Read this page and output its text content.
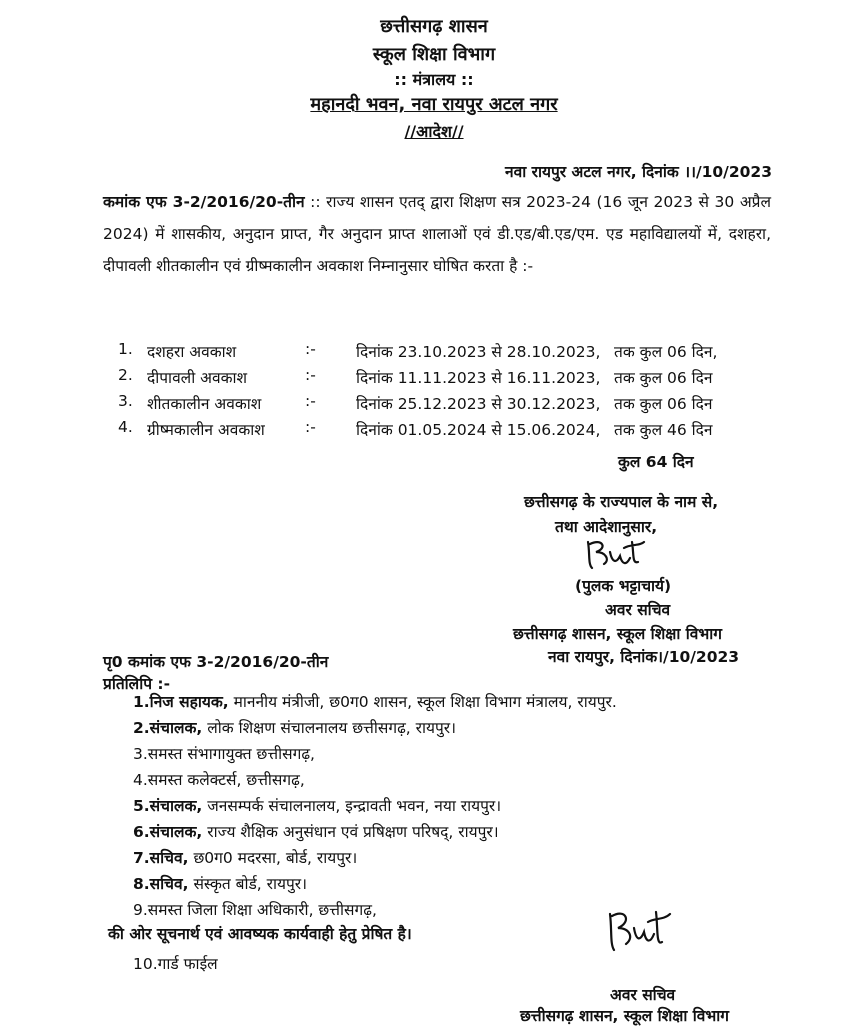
छत्तीसगढ़ शासन
स्कूल शिक्षा विभाग
:: मंत्रालय ::
महानदी भवन, नवा रायपुर अटल नगर
//आदेश//
नवा रायपुर अटल नगर, दिनांक ।।/10/2023
कमांक एफ 3-2/2016/20-तीन :: राज्य शासन एतद् द्वारा शिक्षण सत्र 2023-24 (16 जून 2023 से 30 अप्रैल 2024) में शासकीय, अनुदान प्राप्त, गैर अनुदान प्राप्त शालाओं एवं डी.एड/बी.एड/एम. एड महाविद्यालयों में, दशहरा, दीपावली शीतकालीन एवं ग्रीष्मकालीन अवकाश निम्नानुसार घोषित करता है :-
1. दशहरा अवकाश	:-	दिनांक 23.10.2023 से 28.10.2023, तक कुल 06 दिन,
2. दीपावली अवकाश	:-	दिनांक 11.11.2023 से 16.11.2023, तक कुल 06 दिन
3. शीतकालीन अवकाश	:-	दिनांक 25.12.2023 से 30.12.2023, तक कुल 06 दिन
4. ग्रीष्मकालीन अवकाश	:-	दिनांक 01.05.2024 से 15.06.2024, तक कुल 46 दिन
कुल 64 दिन
छत्तीसगढ़ के राज्यपाल के नाम से,
तथा आदेशानुसार,
(पुलक भट्टाचार्य)
अवर सचिव
छत्तीसगढ़ शासन, स्कूल शिक्षा विभाग
नवा रायपुर, दिनांक।/10/2023
पृ0 कमांक एफ 3-2/2016/20-तीन
प्रतिलिपि :-
1.निज सहायक, माननीय मंत्रीजी, छ0ग0 शासन, स्कूल शिक्षा विभाग मंत्रालय, रायपुर.
2.संचालक, लोक शिक्षण संचालनालय छत्तीसगढ़, रायपुर।
3.समस्त संभागायुक्त छत्तीसगढ़,
4.समस्त कलेक्टर्स, छत्तीसगढ़,
5.संचालक, जनसम्पर्क संचालनालय, इन्द्रावती भवन, नया रायपुर।
6.संचालक, राज्य शैक्षिक अनुसंधान एवं प्रषिक्षण परिषद्, रायपुर।
7.सचिव, छ0ग0 मदरसा, बोर्ड, रायपुर।
8.सचिव, संस्कृत बोर्ड, रायपुर।
9.समस्त जिला शिक्षा अधिकारी, छत्तीसगढ़,
की ओर सूचनार्थ एवं आवष्यक कार्यवाही हेतु प्रेषित है।
10.गार्ड फाईल
अवर सचिव
छत्तीसगढ़ शासन, स्कूल शिक्षा विभाग
